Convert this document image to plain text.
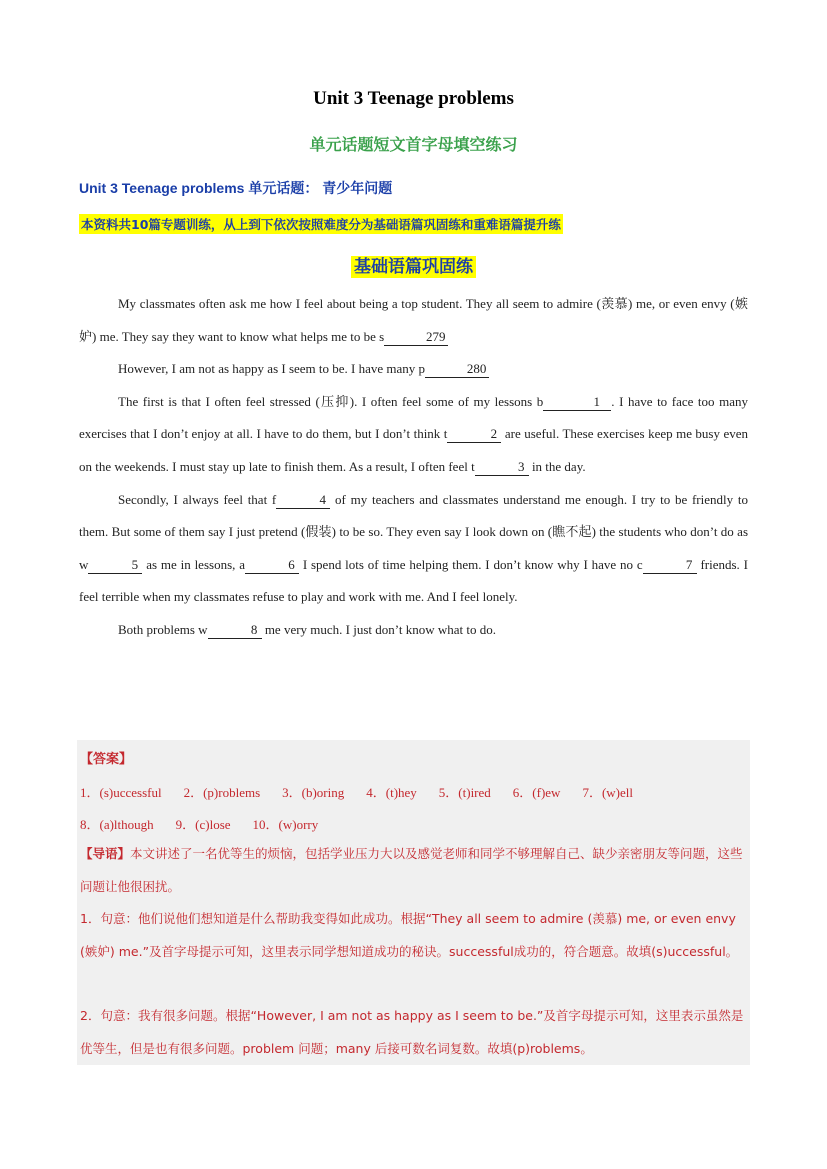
Unit 3 Teenage problems
单元话题短文首字母填空练习
Unit 3 Teenage problems 单元话题： 青少年问题
本资料共10篇专题训练，从上到下依次按照难度分为基础语篇巩固练和重难语篇提升练
基础语篇巩固练

My classmates often ask me how I feel about being a top student. They all seem to admire (羡慕) me, or even envy (嫉妒) me. They say they want to know what helps me to be s	279

However, I am not as happy as I seem to be. I have many p	280

The first is that I often feel stressed (压抑). I often feel some of my lessons b	1 . I have to face too many exercises that I don’t enjoy at all. I have to do them, but I don’t think t	2 are useful. These exercises keep me busy even on the weekends. I must stay up late to finish them. As a result, I often feel t	3 in the day.

Secondly, I always feel that f	4 of my teachers and classmates understand me enough. I try to be friendly to them. But some of them say I just pretend (假装) to be so. They even say I look down on (瞧不起) the students who don’t do as w	5 as me in lessons, a	6 I spend lots of time helping them. I don’t know why I have no c	7 friends. I feel terrible when my classmates refuse to play and work with me. And I feel lonely.

Both problems w	8 me very much. I just don’t know what to do.

【答案】
1．(s)uccessful 2．(p)roblems 3．(b)oring 4．(t)hey 5．(t)ired 6．(f)ew 7．(w)ell
8．(a)lthough 9．(c)lose 10．(w)orry
【导语】本文讲述了一名优等生的烦恼，包括学业压力大以及感觉老师和同学不够理解自己、缺少亲密朋友等问题，这些问题让他很困扰。
1．句意：他们说他们想知道是什么帮助我变得如此成功。根据“They all seem to admire (羡慕) me, or even envy (嫉妒) me.”及首字母提示可知，这里表示同学想知道成功的秘诀。successful成功的，符合题意。故填(s)uccessful。
2．句意：我有很多问题。根据“However, I am not as happy as I seem to be.”及首字母提示可知，这里表示虽然是优等生，但是也有很多问题。problem 问题；many 后接可数名词复数。故填(p)roblems。
